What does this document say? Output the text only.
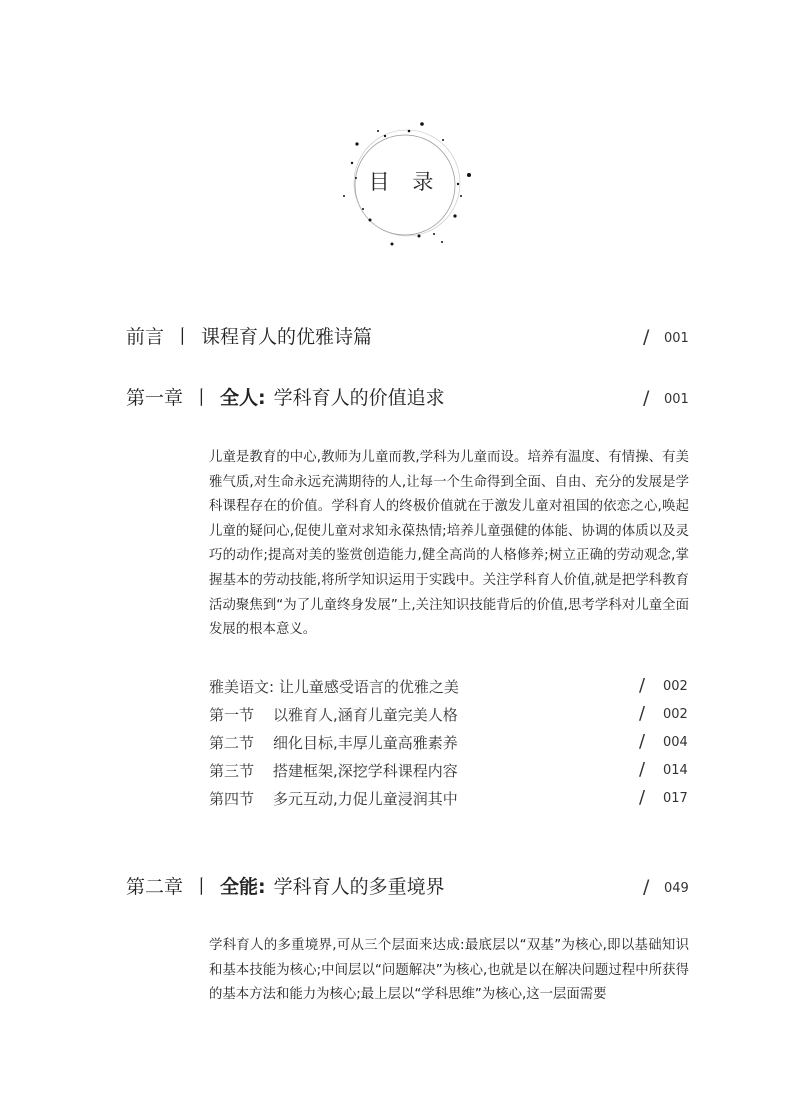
目 录
前言 丨 课程育人的优雅诗篇	/ 001
第一章 丨 全人: 学科育人的价值追求	/ 001
儿童是教育的中心,教师为儿童而教,学科为儿童而设。培养有温度、有情操、有美雅气质,对生命永远充满期待的人,让每一个生命得到全面、自由、充分的发展是学科课程存在的价值。学科育人的终极价值就在于激发儿童对祖国的依恋之心,唤起儿童的疑问心,促使儿童对求知永葆热情;培养儿童强健的体能、协调的体质以及灵巧的动作;提高对美的鉴赏创造能力,健全高尚的人格修养;树立正确的劳动观念,掌握基本的劳动技能,将所学知识运用于实践中。关注学科育人价值,就是把学科教育活动聚焦到“为了儿童终身发展”上,关注知识技能背后的价值,思考学科对儿童全面发展的根本意义。
雅美语文: 让儿童感受语言的优雅之美	/ 002
第一节 以雅育人,涵育儿童完美人格	/ 002
第二节 细化目标,丰厚儿童高雅素养	/ 004
第三节 搭建框架,深挖学科课程内容	/ 014
第四节 多元互动,力促儿童浸润其中	/ 017
第二章 丨 全能: 学科育人的多重境界	/ 049
学科育人的多重境界,可从三个层面来达成:最底层以“双基”为核心,即以基础知识和基本技能为核心;中间层以“问题解决”为核心,也就是以在解决问题过程中所获得的基本方法和能力为核心;最上层以“学科思维”为核心,这一层面需要
